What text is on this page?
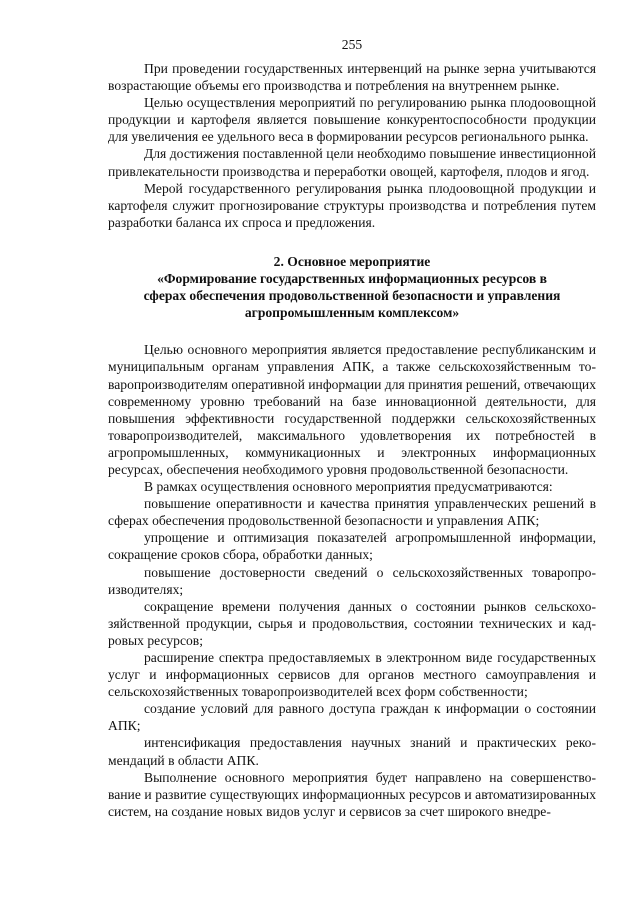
255

При проведении государственных интервенций на рынке зерна учитываются возрастающие объемы его производства и потребления на внутреннем рынке.

Целью осуществления мероприятий по регулированию рынка плодоовощной продукции и картофеля является повышение конкурентоспособности продукции для увеличения ее удельного веса в формировании ресурсов регионального рынка.

Для достижения поставленной цели необходимо повышение инвестиционной привлекательности производства и переработки овощей, картофеля, плодов и ягод.

Мерой государственного регулирования рынка плодоовощной продукции и картофеля служит прогнозирование структуры производства и потребления путем разработки баланса их спроса и предложения.

2. Основное мероприятие
«Формирование государственных информационных ресурсов в
сферах обеспечения продовольственной безопасности и управления
агропромышленным комплексом»

Целью основного мероприятия является предоставление республиканским и муниципальным органам управления АПК, а также сельскохозяйственным товаропроизводителям оперативной информации для принятия решений, отвечающих современному уровню требований на базе инновационной деятельности, для повышения эффективности государственной поддержки сельскохозяйственных товаропроизводителей, максимального удовлетворения их потребностей в агропромышленных, коммуникационных и электронных информационных ресурсах, обеспечения необходимого уровня продовольственной безопасности.

В рамках осуществления основного мероприятия предусматриваются:

повышение оперативности и качества принятия управленческих решений в сферах обеспечения продовольственной безопасности и управления АПК;

упрощение и оптимизация показателей агропромышленной информации, сокращение сроков сбора, обработки данных;

повышение достоверности сведений о сельскохозяйственных товаропроизводителях;

сокращение времени получения данных о состоянии рынков сельскохозяйственной продукции, сырья и продовольствия, состоянии технических и кадровых ресурсов;

расширение спектра предоставляемых в электронном виде государственных услуг и информационных сервисов для органов местного самоуправления и сельскохозяйственных товаропроизводителей всех форм собственности;

создание условий для равного доступа граждан к информации о состоянии АПК;

интенсификация предоставления научных знаний и практических рекомендаций в области АПК.

Выполнение основного мероприятия будет направлено на совершенствование и развитие существующих информационных ресурсов и автоматизированных систем, на создание новых видов услуг и сервисов за счет широкого внедре-
